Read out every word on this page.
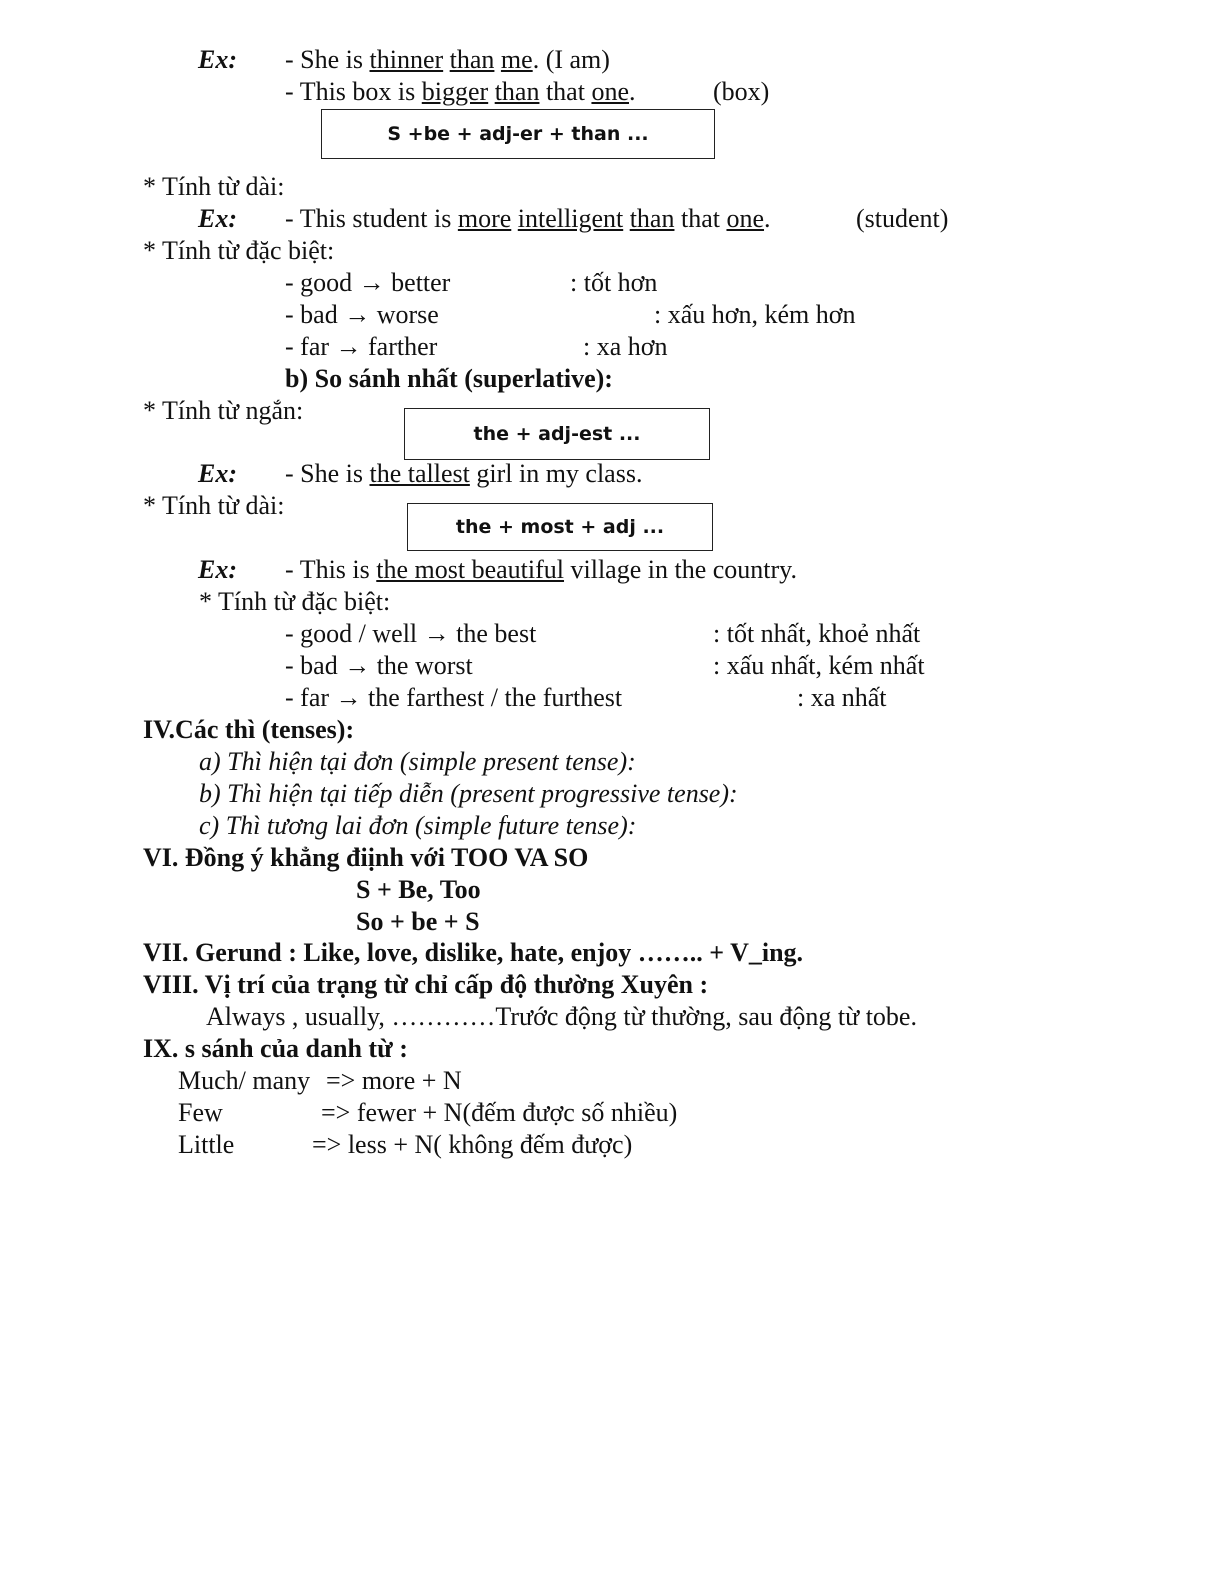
Ex: - She is thinner than me. (I am)
- This box is bigger than that one.	(box)
S +be + adj-er + than ...
* Tính từ dài:
Ex: - This student is more intelligent than that one.	(student)
* Tính từ đặc biệt:
- good → better	: tốt hơn
- bad → worse	: xấu hơn, kém hơn
- far → farther	: xa hơn
b) So sánh nhất (superlative):
* Tính từ ngắn:
the + adj-est ...
Ex: - She is the tallest girl in my class.
* Tính từ dài:
the + most + adj ...
Ex: - This is the most beautiful village in the country.
* Tính từ đặc biệt:
- good / well → the best	: tốt nhất, khoẻ nhất
- bad → the worst	: xấu nhất, kém nhất
- far → the farthest / the furthest	: xa nhất
IV.Các thì (tenses):
a) Thì hiện tại đơn (simple present tense):
b) Thì hiện tại tiếp diễn (present progressive tense):
c) Thì tương lai đơn (simple future tense):
VI. Đồng ý khẳng điịnh với TOO VA SO
S + Be, Too
So + be + S
VII. Gerund : Like, love, dislike, hate, enjoy …….. + V_ing.
VIII. Vị trí của trạng từ chỉ cấp độ thường Xuyên :
Always , usually, …………Trước động từ thường, sau động từ tobe.
IX. s sánh của danh từ :
Much/ many => more + N
Few	=> fewer + N(đếm được số nhiều)
Little	=> less + N( không đếm được)
